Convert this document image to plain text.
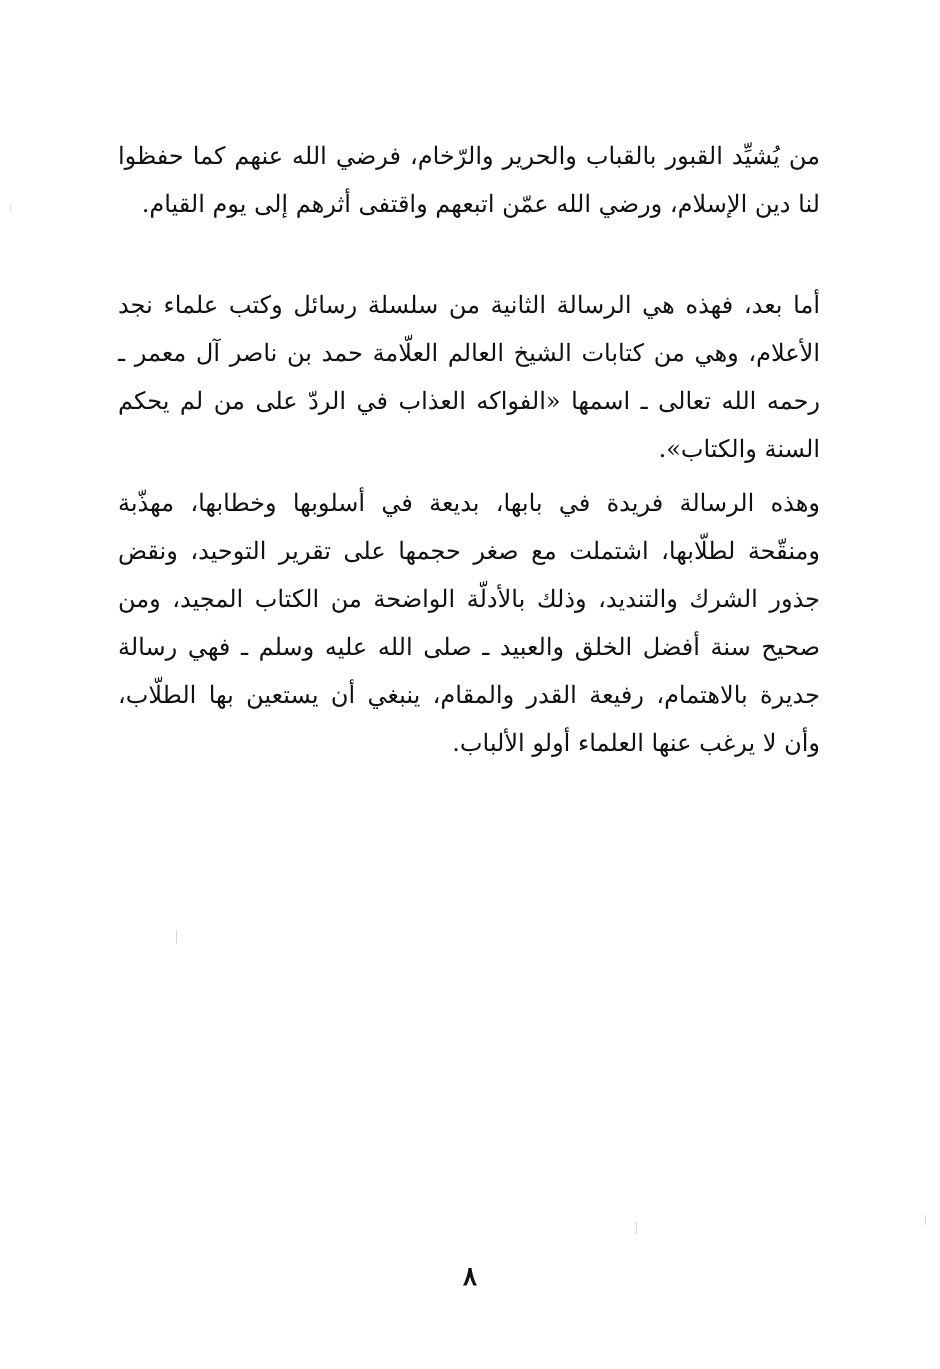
من يُشيِّد القبور بالقباب والحرير والرّخام، فرضي الله عنهم كما حفظوا لنا دين الإسلام، ورضي الله عمّن اتبعهم واقتفى أثرهم إلى يوم القيام.

أما بعد، فهذه هي الرسالة الثانية من سلسلة رسائل وكتب علماء نجد الأعلام، وهي من كتابات الشيخ العالم العلّامة حمد بن ناصر آل معمر ـ رحمه الله تعالى ـ اسمها «الفواكه العذاب في الردّ على من لم يحكم السنة والكتاب».

وهذه الرسالة فريدة في بابها، بديعة في أسلوبها وخطابها، مهذّبة ومنقّحة لطلّابها، اشتملت مع صغر حجمها على تقرير التوحيد، ونقض جذور الشرك والتنديد، وذلك بالأدلّة الواضحة من الكتاب المجيد، ومن صحيح سنة أفضل الخلق والعبيد ـ صلى الله عليه وسلم ـ فهي رسالة جديرة بالاهتمام، رفيعة القدر والمقام، ينبغي أن يستعين بها الطلّاب، وأن لا يرغب عنها العلماء أولو الألباب.

٨
